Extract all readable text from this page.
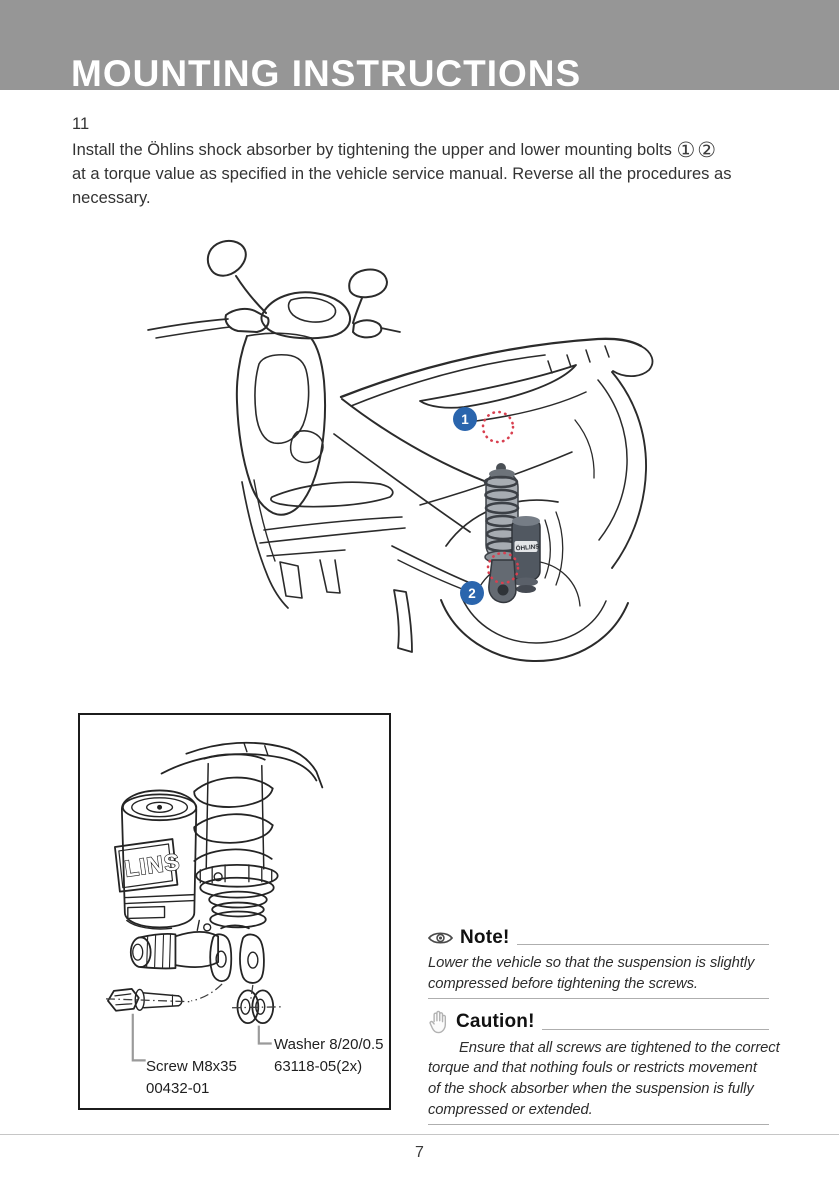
MOUNTING INSTRUCTIONS
11
Install the Öhlins shock absorber by tightening the upper and lower mounting bolts ①②
at a torque value as specified in the vehicle service manual. Reverse all the procedures as
necessary.
ÖHLINS
1
2
LINS
Screw M8x35
00432-01
Washer 8/20/0.5
63118-05(2x)
Note!
Lower the vehicle so that the suspension is slightly
compressed before tightening the screws.
Caution!
Ensure that all screws are tightened to the correct
torque and that nothing fouls or restricts movement
of the shock absorber when the suspension is fully
compressed or extended.
7
